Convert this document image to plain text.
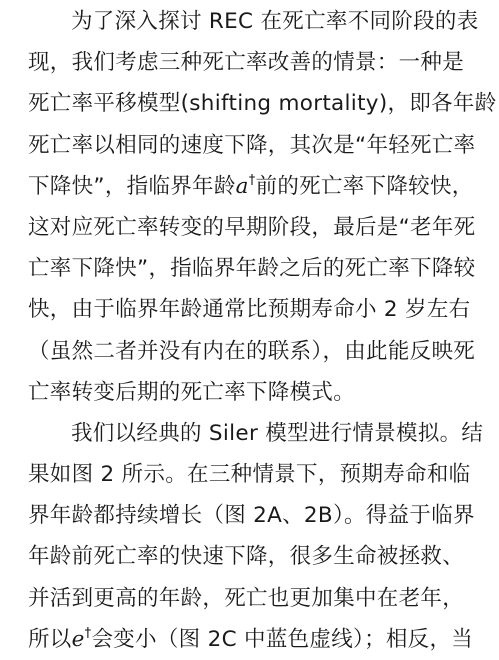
为了深入探讨 REC 在死亡率不同阶段的表
现，我们考虑三种死亡率改善的情景：一种是
死亡率平移模型(shifting mortality)，即各年龄
死亡率以相同的速度下降，其次是“年轻死亡率
下降快”，指临界年龄a†前的死亡率下降较快，
这对应死亡率转变的早期阶段，最后是“老年死
亡率下降快”，指临界年龄之后的死亡率下降较
快，由于临界年龄通常比预期寿命小 2 岁左右
（虽然二者并没有内在的联系），由此能反映死
亡率转变后期的死亡率下降模式。
我们以经典的 Siler 模型进行情景模拟。结
果如图 2 所示。在三种情景下，预期寿命和临
界年龄都持续增长（图 2A、2B）。得益于临界
年龄前死亡率的快速下降，很多生命被拯救、
并活到更高的年龄，死亡也更加集中在老年，
所以e†会变小（图 2C 中蓝色虚线）；相反，当
